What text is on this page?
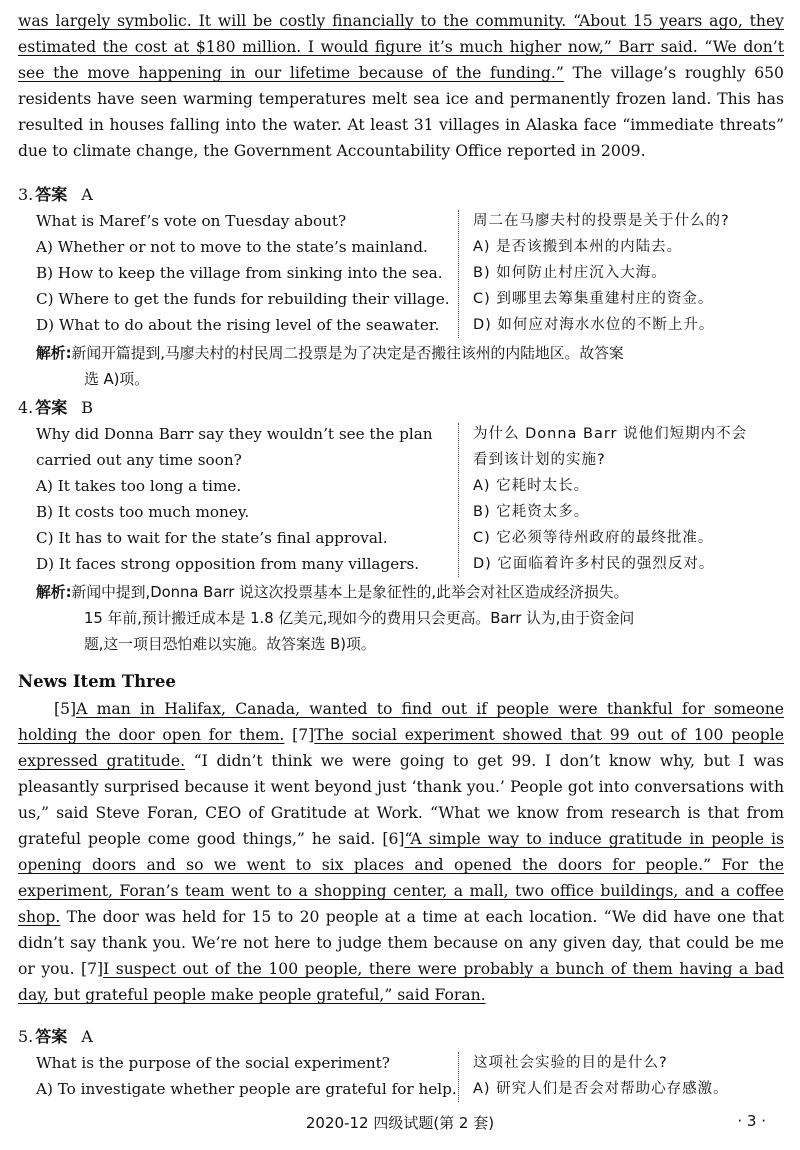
was largely symbolic. It will be costly financially to the community. “About 15 years ago, they estimated the cost at $180 million. I would figure it’s much higher now,” Barr said. “We don’t see the move happening in our lifetime because of the funding.” The village’s roughly 650 residents have seen warming temperatures melt sea ice and permanently frozen land. This has resulted in houses falling into the water. At least 31 villages in Alaska face “immediate threats” due to climate change, the Government Accountability Office reported in 2009.
3. 答案 A
What is Maref’s vote on Tuesday about?
A) Whether or not to move to the state’s mainland.
B) How to keep the village from sinking into the sea.
C) Where to get the funds for rebuilding their village.
D) What to do about the rising level of the seawater.
周二在马廖夫村的投票是关于什么的?
A) 是否该搬到本州的内陆去。
B) 如何防止村庄沉入大海。
C) 到哪里去筹集重建村庄的资金。
D) 如何应对海水水位的不断上升。
解析:新闻开篇提到,马廖夫村的村民周二投票是为了决定是否搬往该州的内陆地区。故答案
选 A)项。
4. 答案 B
Why did Donna Barr say they wouldn’t see the plan
carried out any time soon?
A) It takes too long a time.
B) It costs too much money.
C) It has to wait for the state’s final approval.
D) It faces strong opposition from many villagers.
为什么 Donna Barr 说他们短期内不会
看到该计划的实施?
A) 它耗时太长。
B) 它耗资太多。
C) 它必须等待州政府的最终批准。
D) 它面临着许多村民的强烈反对。
解析:新闻中提到,Donna Barr 说这次投票基本上是象征性的,此举会对社区造成经济损失。
15 年前,预计搬迁成本是 1.8 亿美元,现如今的费用只会更高。Barr 认为,由于资金问
题,这一项目恐怕难以实施。故答案选 B)项。
News Item Three
[5]A man in Halifax, Canada, wanted to find out if people were thankful for someone holding the door open for them. [7]The social experiment showed that 99 out of 100 people expressed gratitude. “I didn’t think we were going to get 99. I don’t know why, but I was pleasantly surprised because it went beyond just ‘thank you.’ People got into conversations with us,” said Steve Foran, CEO of Gratitude at Work. “What we know from research is that from grateful people come good things,” he said. [6]“A simple way to induce gratitude in people is opening doors and so we went to six places and opened the doors for people.” For the experiment, Foran’s team went to a shopping center, a mall, two office buildings, and a coffee shop. The door was held for 15 to 20 people at a time at each location. “We did have one that didn’t say thank you. We’re not here to judge them because on any given day, that could be me or you. [7]I suspect out of the 100 people, there were probably a bunch of them having a bad day, but grateful people make people grateful,” said Foran.
5. 答案 A
What is the purpose of the social experiment?
A) To investigate whether people are grateful for help.
这项社会实验的目的是什么?
A) 研究人们是否会对帮助心存感激。
2020-12 四级试题(第 2 套)	· 3 ·
